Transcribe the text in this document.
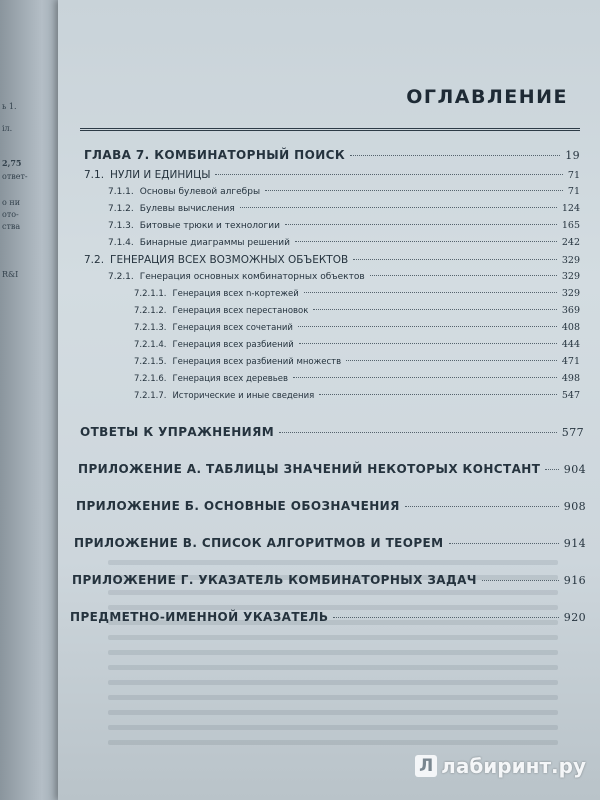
ь 1.
іл.
2,75
ответ-
о ни
ото-
ства
R&I
ОГЛАВЛЕНИЕ
ГЛАВА 7. КОМБИНАТОРНЫЙ ПОИСК	19
7.1. НУЛИ И ЕДИНИЦЫ	71
7.1.1. Основы булевой алгебры	71
7.1.2. Булевы вычисления	124
7.1.3. Битовые трюки и технологии	165
7.1.4. Бинарные диаграммы решений	242
7.2. ГЕНЕРАЦИЯ ВСЕХ ВОЗМОЖНЫХ ОБЪЕКТОВ	329
7.2.1. Генерация основных комбинаторных объектов	329
7.2.1.1. Генерация всех n-кортежей	329
7.2.1.2. Генерация всех перестановок	369
7.2.1.3. Генерация всех сочетаний	408
7.2.1.4. Генерация всех разбиений	444
7.2.1.5. Генерация всех разбиений множеств	471
7.2.1.6. Генерация всех деревьев	498
7.2.1.7. Исторические и иные сведения	547
ОТВЕТЫ К УПРАЖНЕНИЯМ	577
ПРИЛОЖЕНИЕ А. ТАБЛИЦЫ ЗНАЧЕНИЙ НЕКОТОРЫХ КОНСТАНТ 904
ПРИЛОЖЕНИЕ Б. ОСНОВНЫЕ ОБОЗНАЧЕНИЯ	908
ПРИЛОЖЕНИЕ В. СПИСОК АЛГОРИТМОВ И ТЕОРЕМ	914
ПРИЛОЖЕНИЕ Г. УКАЗАТЕЛЬ КОМБИНАТОРНЫХ ЗАДАЧ	916
ПРЕДМЕТНО-ИМЕННОЙ УКАЗАТЕЛЬ	920
Л лабиринт.ру
